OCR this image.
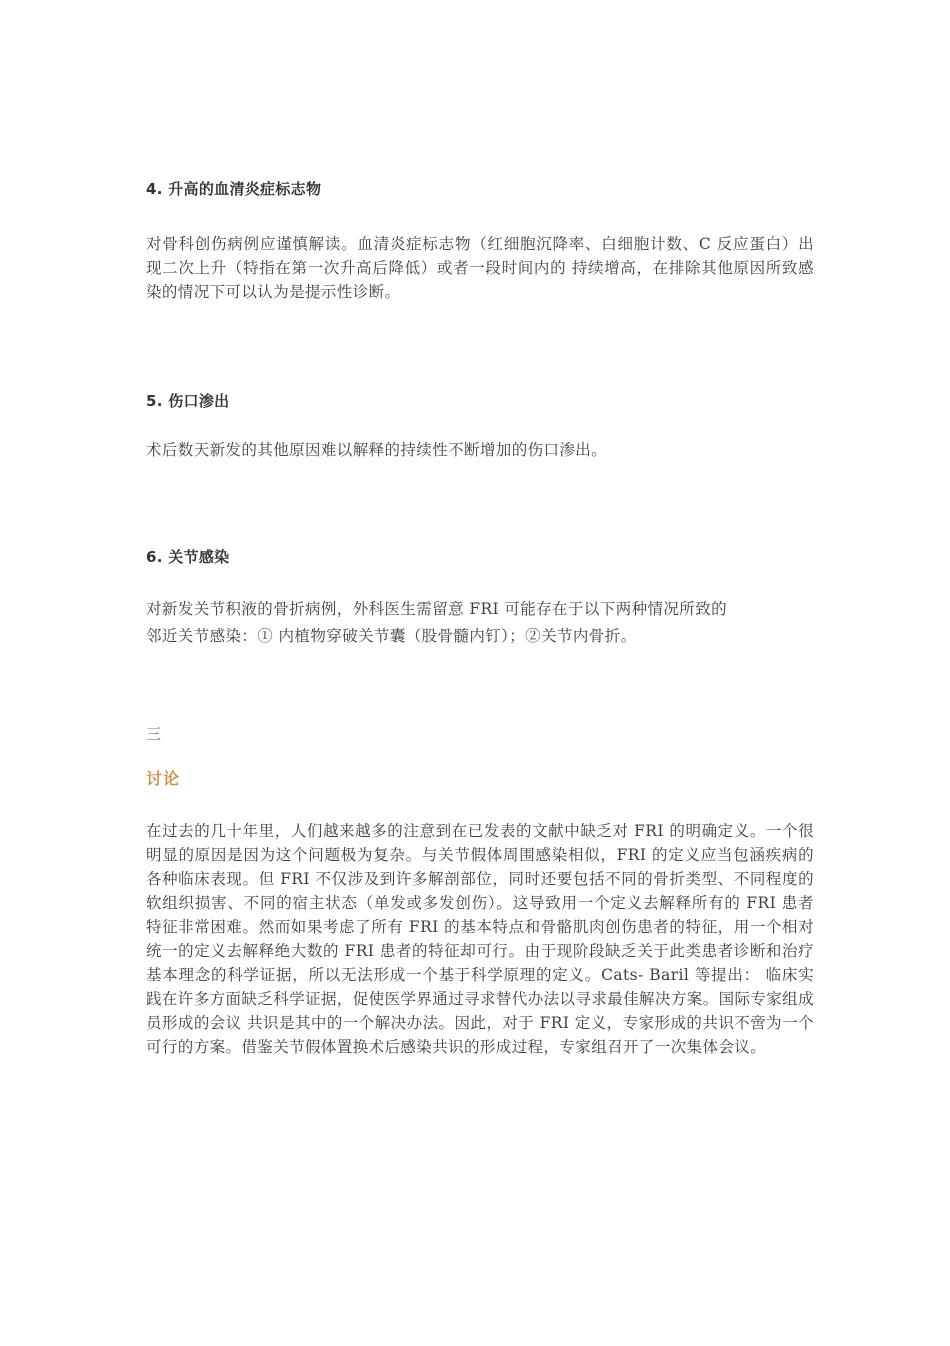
4. 升高的血清炎症标志物
对骨科创伤病例应谨慎解读。血清炎症标志物（红细胞沉降率、白细胞计数、C 反应蛋白）出现二次上升（特指在第一次升高后降低）或者一段时间内的 持续增高，在排除其他原因所致感染的情况下可以认为是提示性诊断。
5. 伤口渗出
术后数天新发的其他原因难以解释的持续性不断增加的伤口渗出。
6. 关节感染
对新发关节积液的骨折病例，外科医生需留意 FRI 可能存在于以下两种情况所致的
邻近关节感染：① 内植物穿破关节囊（股骨髓内钉）；②关节内骨折。
三
讨论
在过去的几十年里，人们越来越多的注意到在已发表的文献中缺乏对 FRI 的明确定义。一个很明显的原因是因为这个问题极为复杂。与关节假体周围感染相似，FRI 的定义应当包涵疾病的各种临床表现。但 FRI 不仅涉及到许多解剖部位，同时还要包括不同的骨折类型、不同程度的软组织损害、不同的宿主状态（单发或多发创伤）。这导致用一个定义去解释所有的 FRI 患者特征非常困难。然而如果考虑了所有 FRI 的基本特点和骨骼肌肉创伤患者的特征，用一个相对统一的定义去解释绝大数的 FRI 患者的特征却可行。由于现阶段缺乏关于此类患者诊断和治疗基本理念的科学证据，所以无法形成一个基于科学原理的定义。Cats- Baril 等提出： 临床实践在许多方面缺乏科学证据，促使医学界通过寻求替代办法以寻求最佳解决方案。国际专家组成员形成的会议 共识是其中的一个解决办法。因此，对于 FRI 定义，专家形成的共识不啻为一个可行的方案。借鉴关节假体置换术后感染共识的形成过程，专家组召开了一次集体会议。
